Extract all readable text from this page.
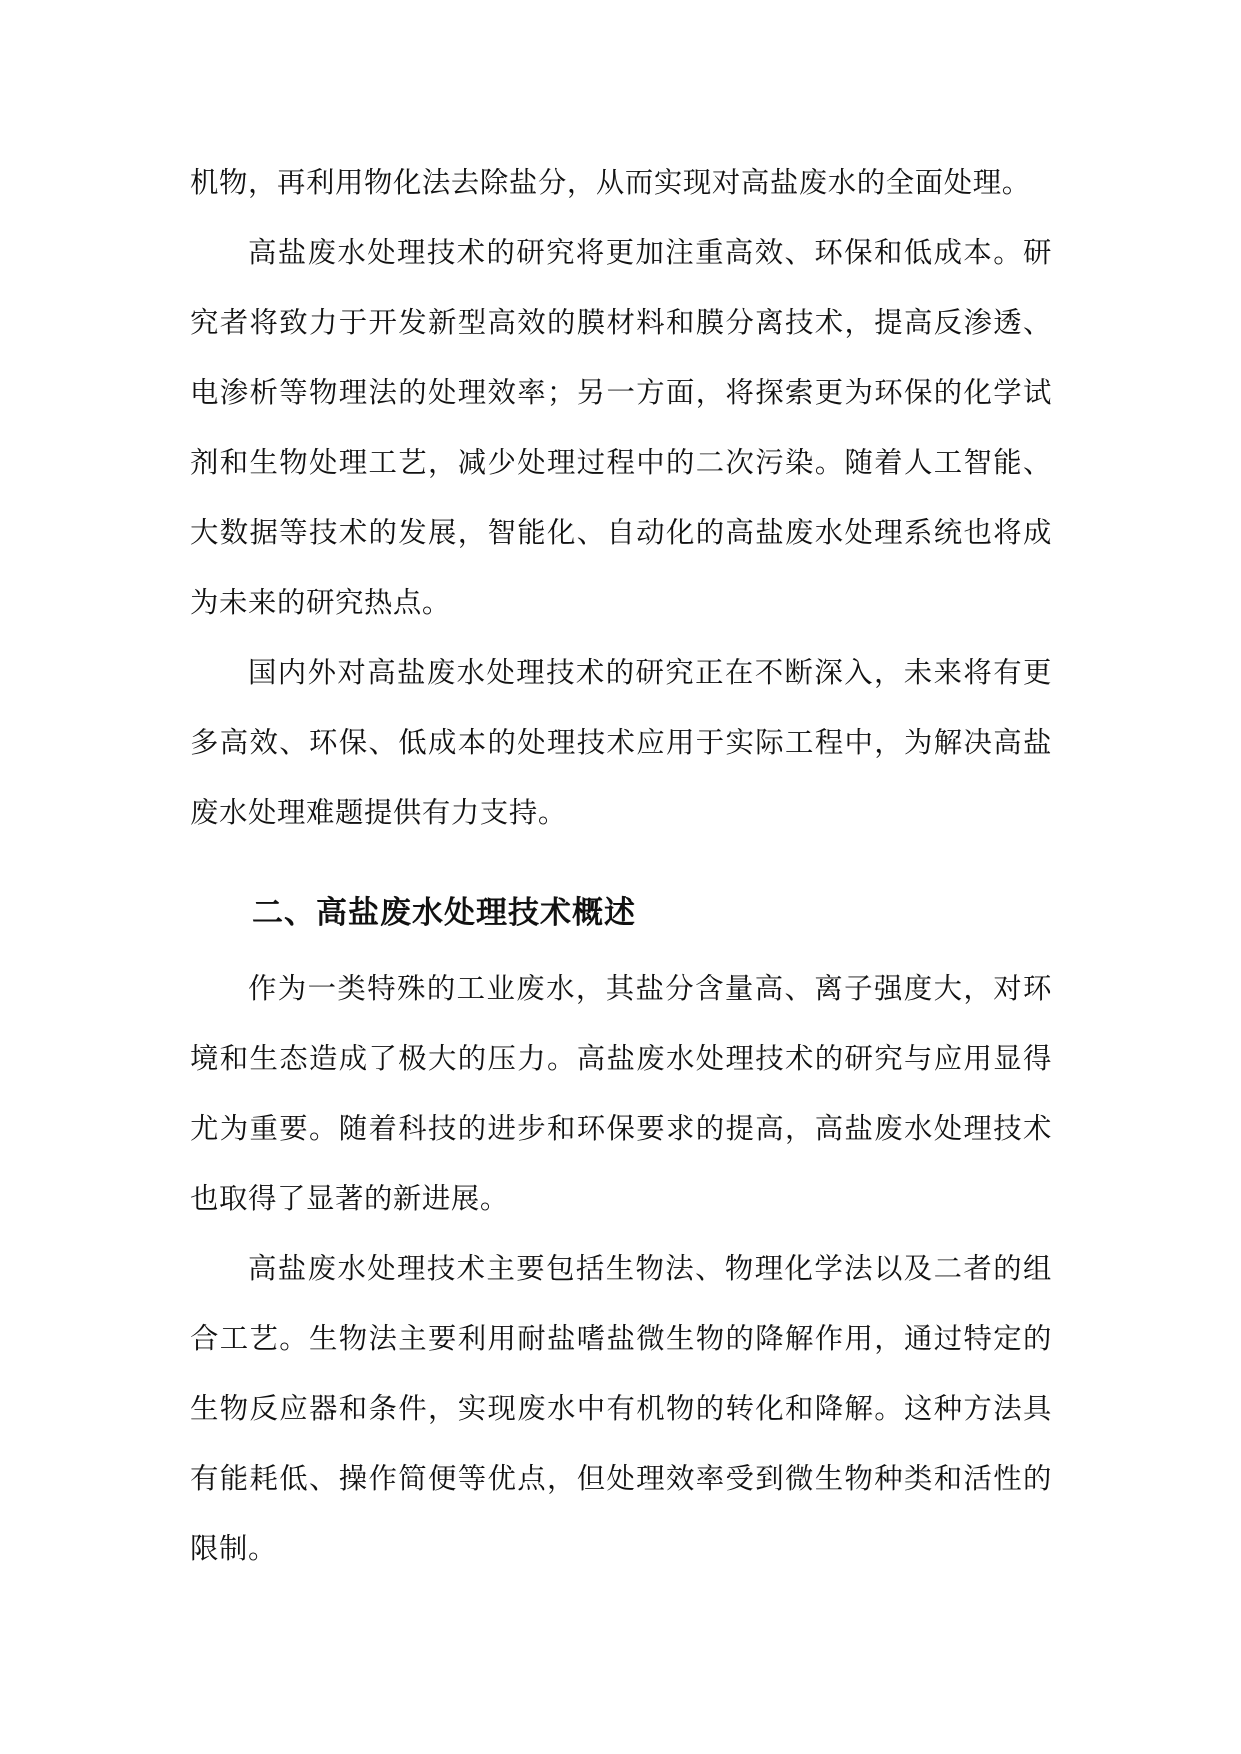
机物，再利用物化法去除盐分，从而实现对高盐废水的全面处理。

高盐废水处理技术的研究将更加注重高效、环保和低成本。研究者将致力于开发新型高效的膜材料和膜分离技术，提高反渗透、电渗析等物理法的处理效率；另一方面，将探索更为环保的化学试剂和生物处理工艺，减少处理过程中的二次污染。随着人工智能、大数据等技术的发展，智能化、自动化的高盐废水处理系统也将成为未来的研究热点。

国内外对高盐废水处理技术的研究正在不断深入，未来将有更多高效、环保、低成本的处理技术应用于实际工程中，为解决高盐废水处理难题提供有力支持。

二、高盐废水处理技术概述

作为一类特殊的工业废水，其盐分含量高、离子强度大，对环境和生态造成了极大的压力。高盐废水处理技术的研究与应用显得尤为重要。随着科技的进步和环保要求的提高，高盐废水处理技术也取得了显著的新进展。

高盐废水处理技术主要包括生物法、物理化学法以及二者的组合工艺。生物法主要利用耐盐嗜盐微生物的降解作用，通过特定的生物反应器和条件，实现废水中有机物的转化和降解。这种方法具有能耗低、操作简便等优点，但处理效率受到微生物种类和活性的限制。
